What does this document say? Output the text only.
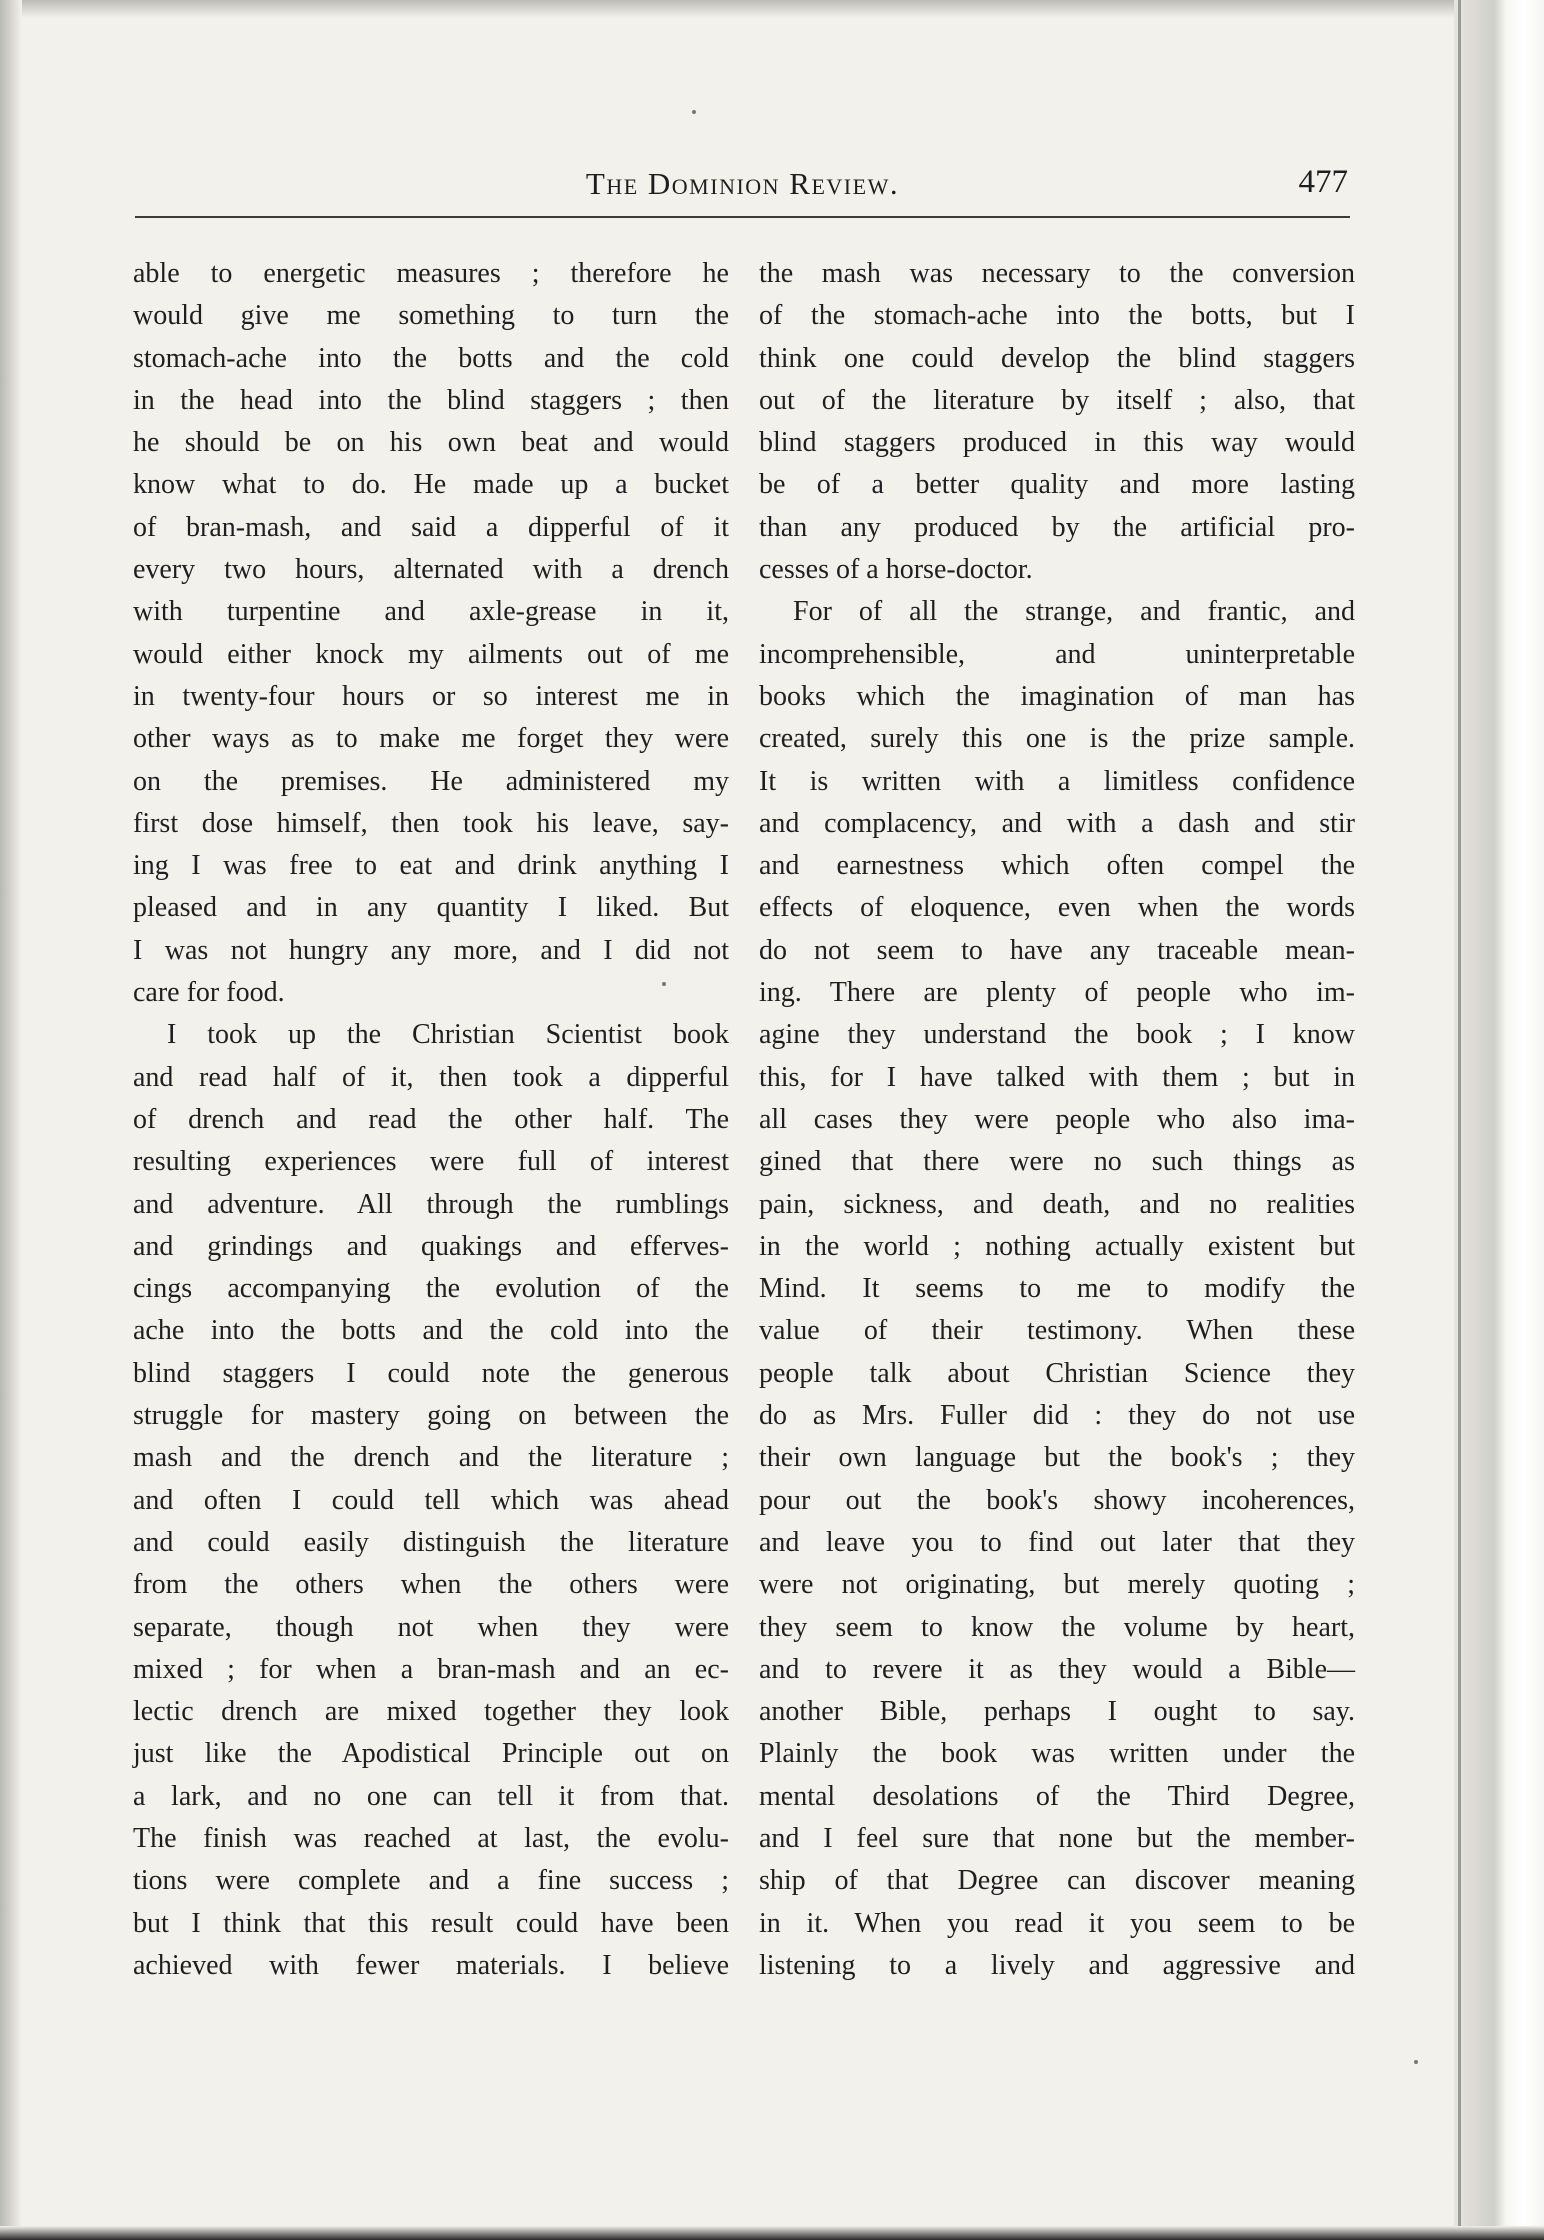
The Dominion Review.	477
able to energetic measures ; therefore he
would give me something to turn the
stomach-ache into the botts and the cold
in the head into the blind staggers ; then
he should be on his own beat and would
know what to do. He made up a bucket
of bran-mash, and said a dipperful of it
every two hours, alternated with a drench
with turpentine and axle-grease in it,
would either knock my ailments out of me
in twenty-four hours or so interest me in
other ways as to make me forget they were
on the premises. He administered my
first dose himself, then took his leave, say-
ing I was free to eat and drink anything I
pleased and in any quantity I liked. But
I was not hungry any more, and I did not
care for food.
I took up the Christian Scientist book
and read half of it, then took a dipperful
of drench and read the other half. The
resulting experiences were full of interest
and adventure. All through the rumblings
and grindings and quakings and efferves-
cings accompanying the evolution of the
ache into the botts and the cold into the
blind staggers I could note the generous
struggle for mastery going on between the
mash and the drench and the literature ;
and often I could tell which was ahead
and could easily distinguish the literature
from the others when the others were
separate, though not when they were
mixed ; for when a bran-mash and an ec-
lectic drench are mixed together they look
just like the Apodistical Principle out on
a lark, and no one can tell it from that.
The finish was reached at last, the evolu-
tions were complete and a fine success ;
but I think that this result could have been
achieved with fewer materials. I believe
the mash was necessary to the conversion
of the stomach-ache into the botts, but I
think one could develop the blind staggers
out of the literature by itself ; also, that
blind staggers produced in this way would
be of a better quality and more lasting
than any produced by the artificial pro-
cesses of a horse-doctor.
For of all the strange, and frantic, and
incomprehensible, and uninterpretable
books which the imagination of man has
created, surely this one is the prize sample.
It is written with a limitless confidence
and complacency, and with a dash and stir
and earnestness which often compel the
effects of eloquence, even when the words
do not seem to have any traceable mean-
ing. There are plenty of people who im-
agine they understand the book ; I know
this, for I have talked with them ; but in
all cases they were people who also ima-
gined that there were no such things as
pain, sickness, and death, and no realities
in the world ; nothing actually existent but
Mind. It seems to me to modify the
value of their testimony. When these
people talk about Christian Science they
do as Mrs. Fuller did : they do not use
their own language but the book's ; they
pour out the book's showy incoherences,
and leave you to find out later that they
were not originating, but merely quoting ;
they seem to know the volume by heart,
and to revere it as they would a Bible—
another Bible, perhaps I ought to say.
Plainly the book was written under the
mental desolations of the Third Degree,
and I feel sure that none but the member-
ship of that Degree can discover meaning
in it. When you read it you seem to be
listening to a lively and aggressive and
